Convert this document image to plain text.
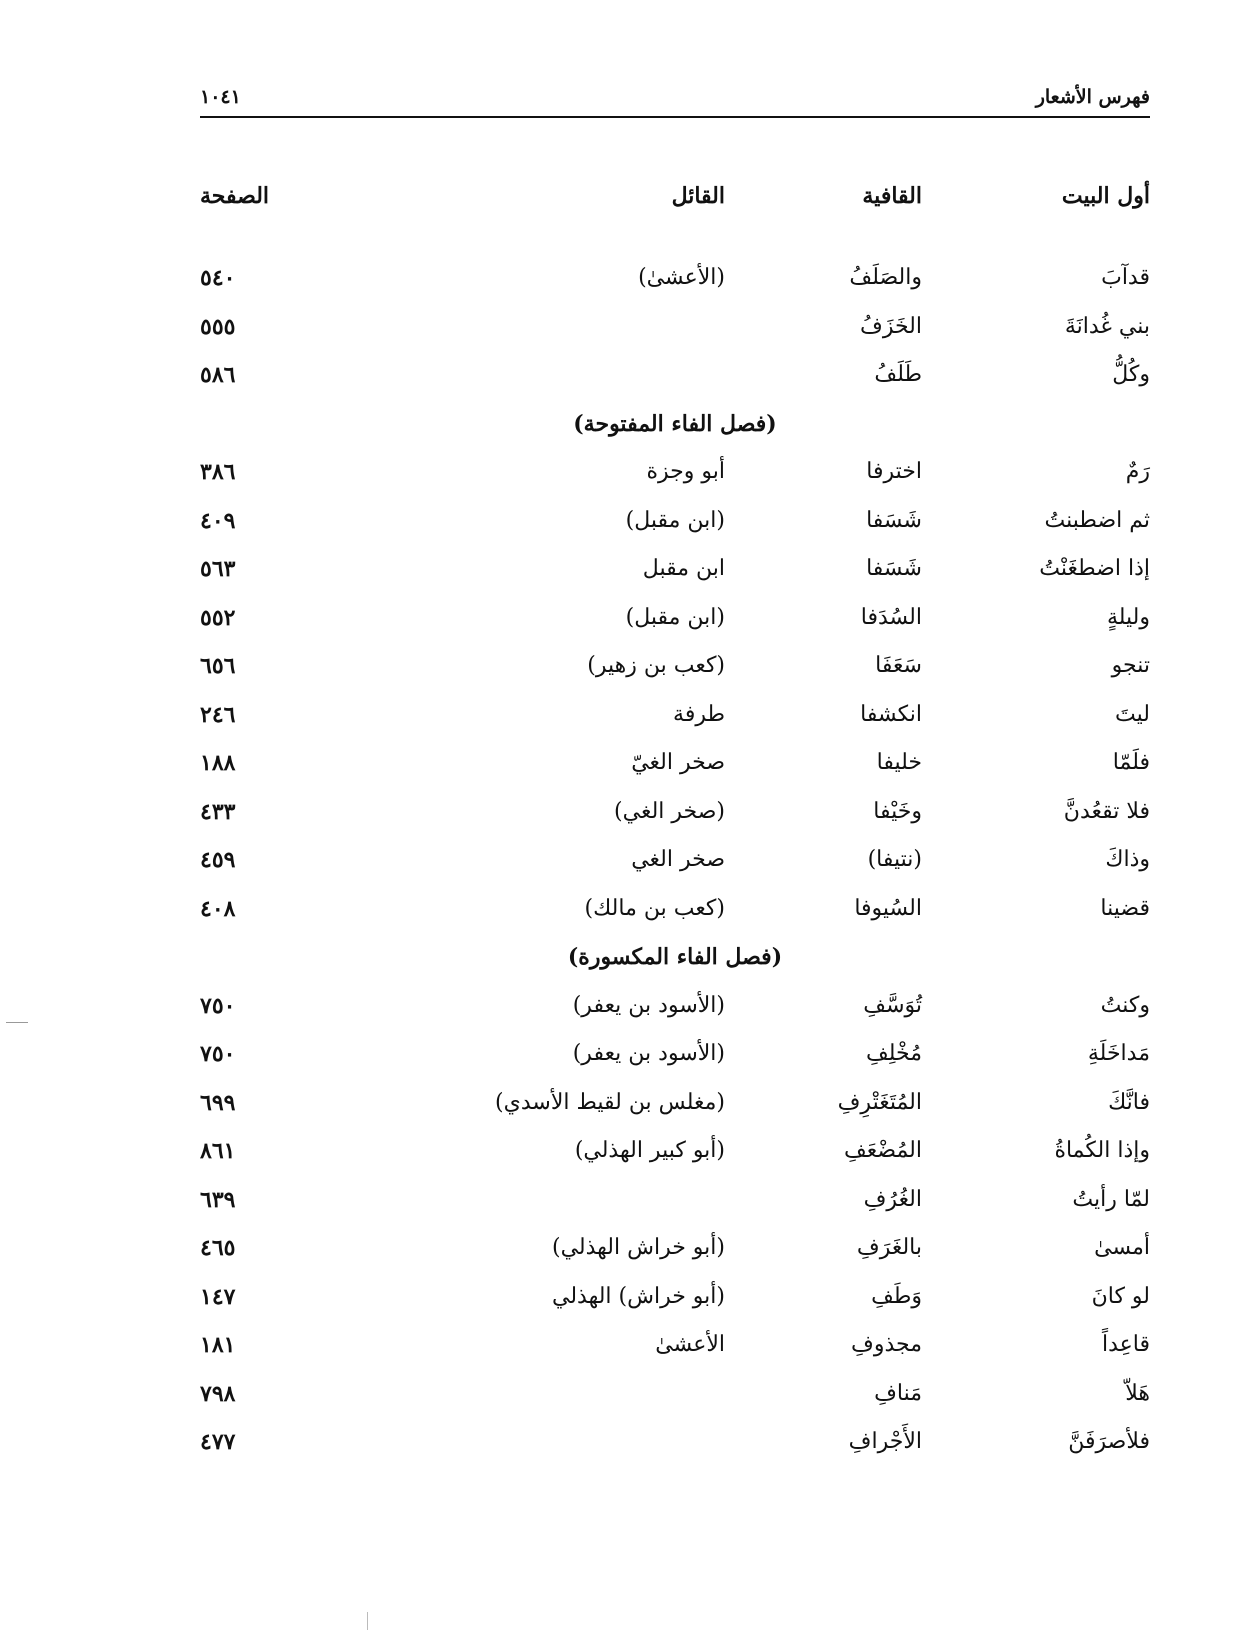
فهرس الأشعار
١٠٤١
أول البيت
القافية
القائل
الصفحة
قدآبَ
والصَلَفُ
(الأعشىٰ)
٥٤٠
بني غُدانَةَ
الخَزَفُ
٥٥٥
وكُلُّ
طَلَفُ
٥٨٦
(فصل الفاء المفتوحة)
رَمٌ
اخترفا
أبو وجزة
٣٨٦
ثم اضطبنتُ
شَسَفا
(ابن مقبل)
٤٠٩
إذا اضطغَنْتُ
شَسَفا
ابن مقبل
٥٦٣
وليلةٍ
السُدَفا
(ابن مقبل)
٥٥٢
تنجو
سَعَفَا
(كعب بن زهير)
٦٥٦
ليتَ
انكشفا
طرفة
٢٤٦
فلَمّا
خليفا
صخر الغيّ
١٨٨
فلا تقعُدنَّ
وخَيْفا
(صخر الغي)
٤٣٣
وذاكَ
(نتيفا)
صخر الغي
٤٥٩
قضينا
السُيوفا
(كعب بن مالك)
٤٠٨
(فصل الفاء المكسورة)
وكنتُ
تُوَسَّفِ
(الأسود بن يعفر)
٧٥٠
مَداخَلَةِ
مُخْلِفِ
(الأسود بن يعفر)
٧٥٠
فانَّكَ
المُتَغَتْرِفِ
(مغلس بن لقيط الأسدي)
٦٩٩
وإذا الكُماةُ
المُضْعَفِ
(أبو كبير الهذلي)
٨٦١
لمّا رأيتُ
الغُرُفِ
٦٣٩
أمسىٰ
بالغَرَفِ
(أبو خراش الهذلي)
٤٦٥
لو كانَ
وَطَفِ
(أبو خراش) الهذلي
١٤٧
قاعِداً
مجذوفِ
الأعشىٰ
١٨١
هَلاّ
مَنافِ
٧٩٨
فلأصرَفَنَّ
الأَجْرافِ
٤٧٧
